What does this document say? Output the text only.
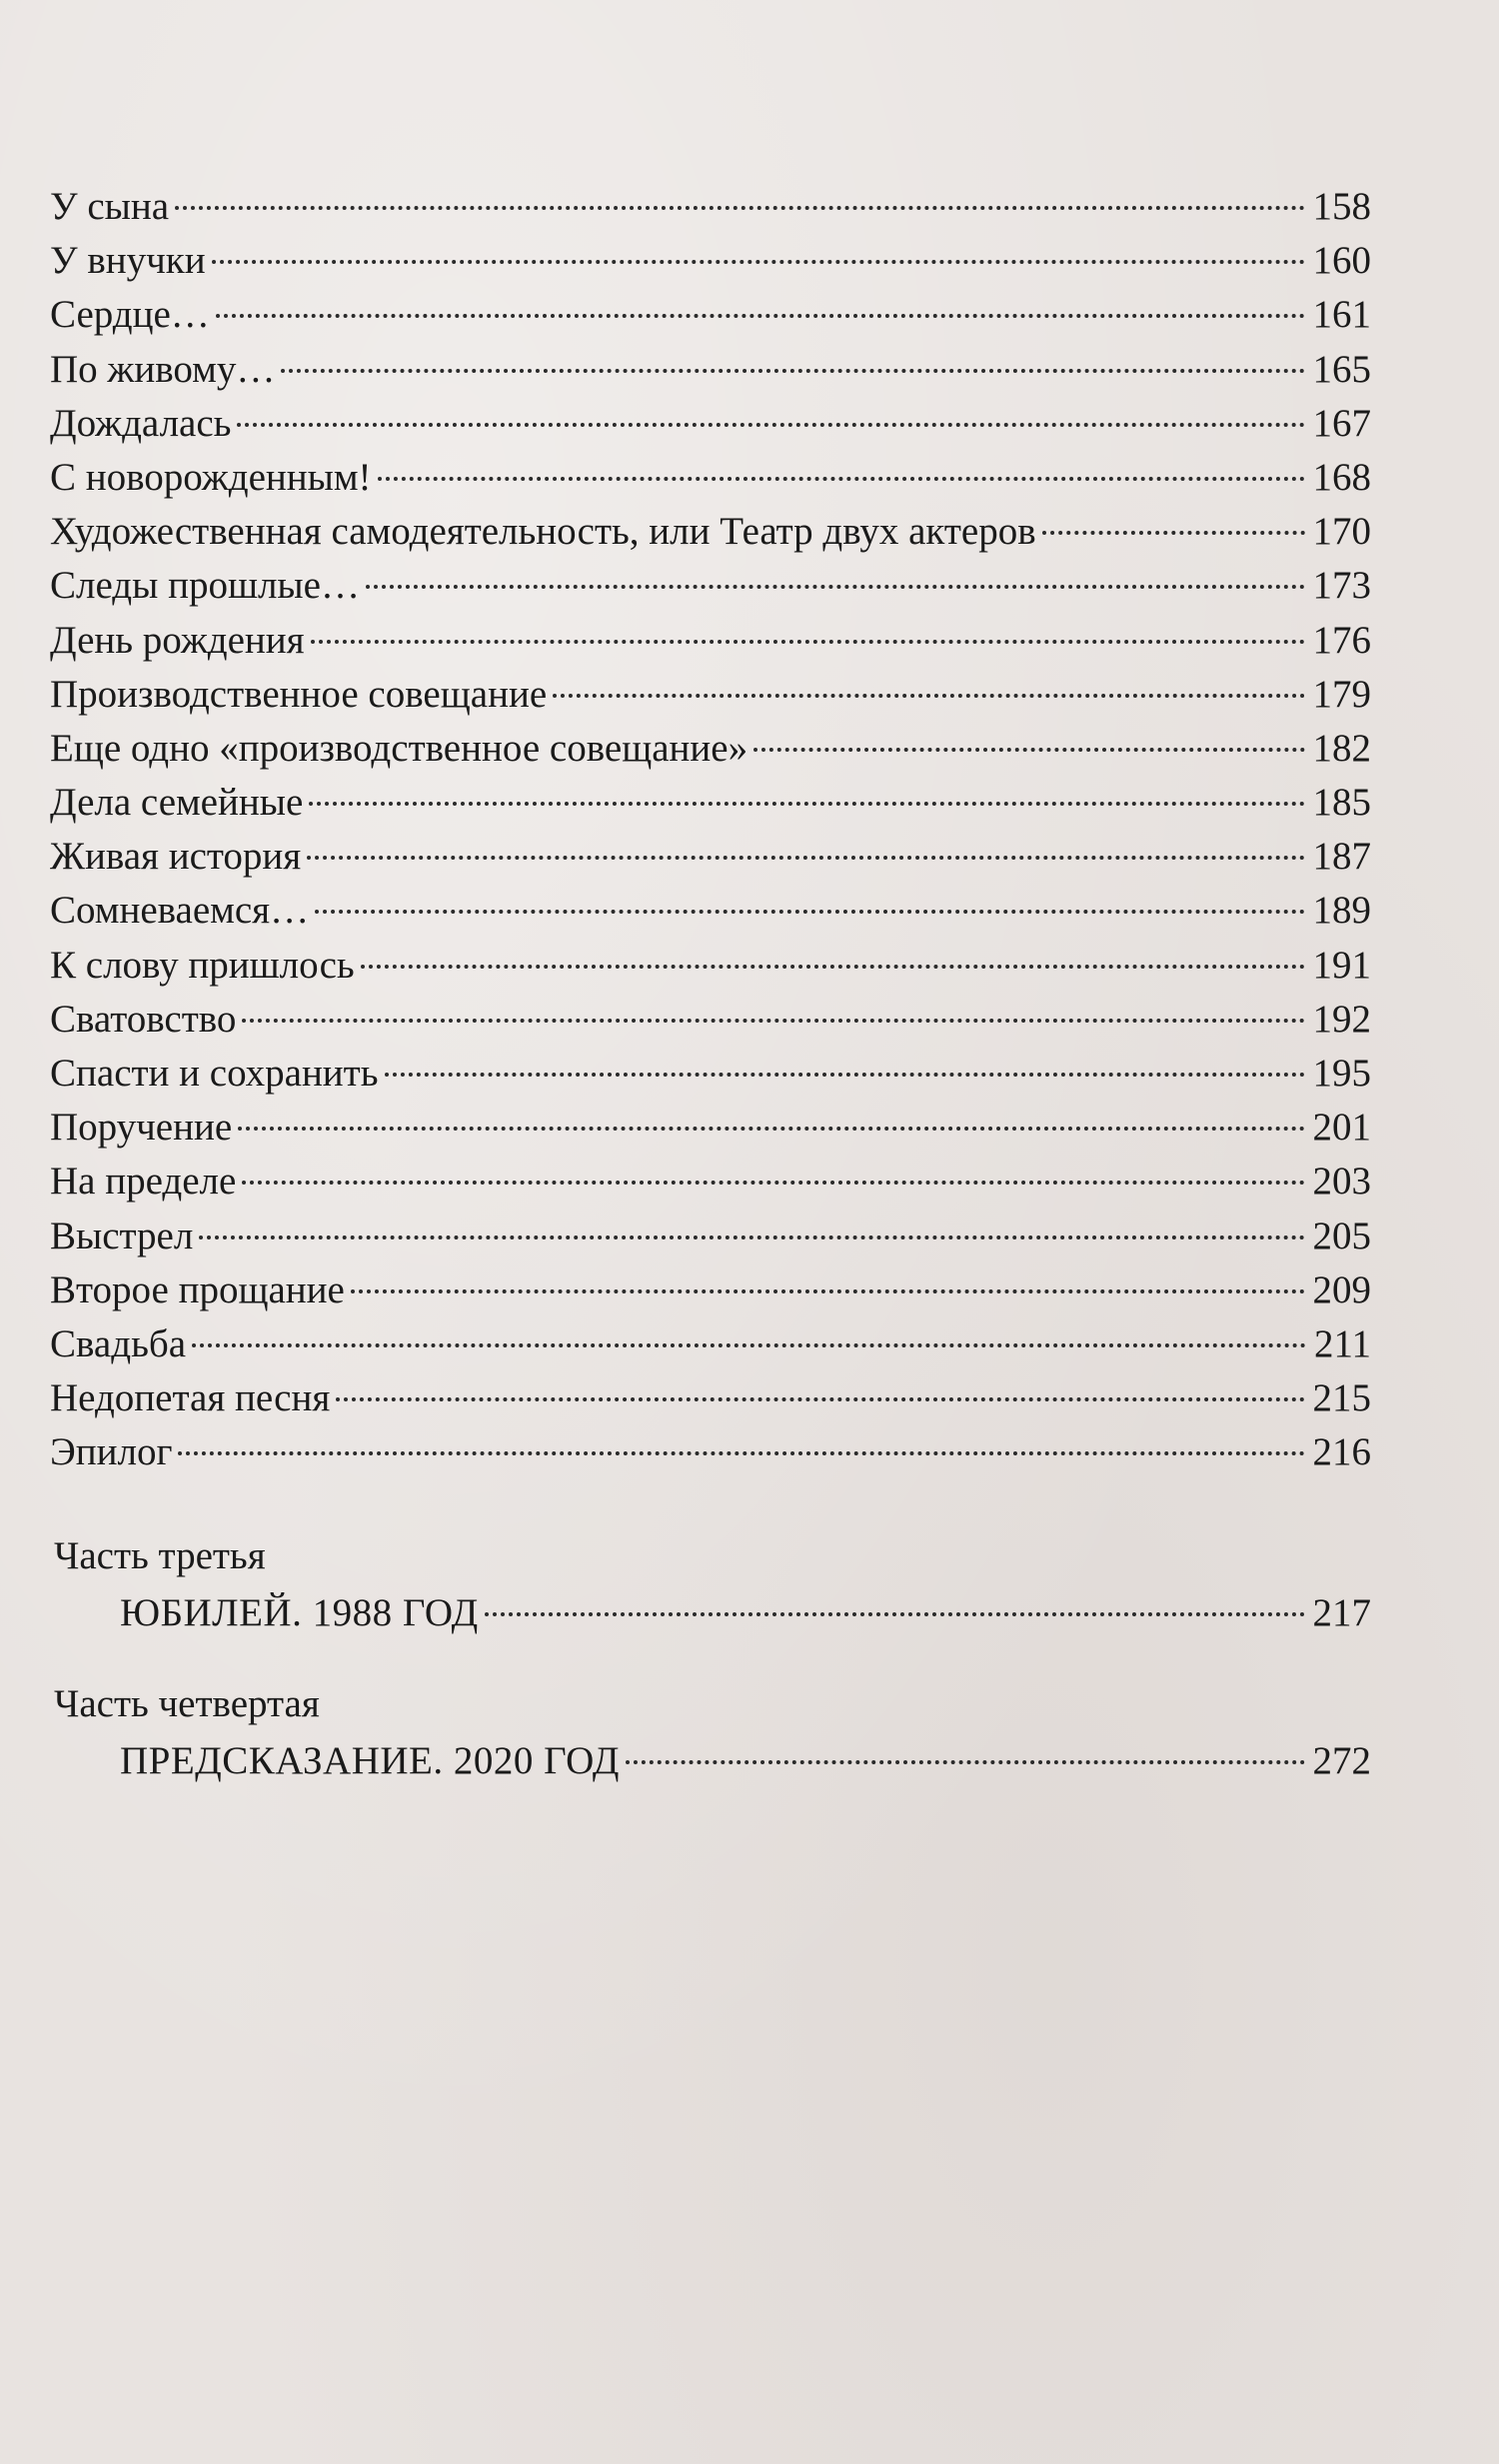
У сына	158
У внучки	160
Сердце…	161
По живому…	165
Дождалась	167
С новорожденным!	168
Художественная самодеятельность, или Театр двух актеров	170
Следы прошлые…	173
День рождения	176
Производственное совещание	179
Еще одно «производственное совещание»	182
Дела семейные	185
Живая история	187
Сомневаемся…	189
К слову пришлось	191
Сватовство	192
Спасти и сохранить	195
Поручение	201
На пределе	203
Выстрел	205
Второе прощание	209
Свадьба	211
Недопетая песня	215
Эпилог	216
Часть третья
ЮБИЛЕЙ. 1988 ГОД	217
Часть четвертая
ПРЕДСКАЗАНИЕ. 2020 ГОД	272
